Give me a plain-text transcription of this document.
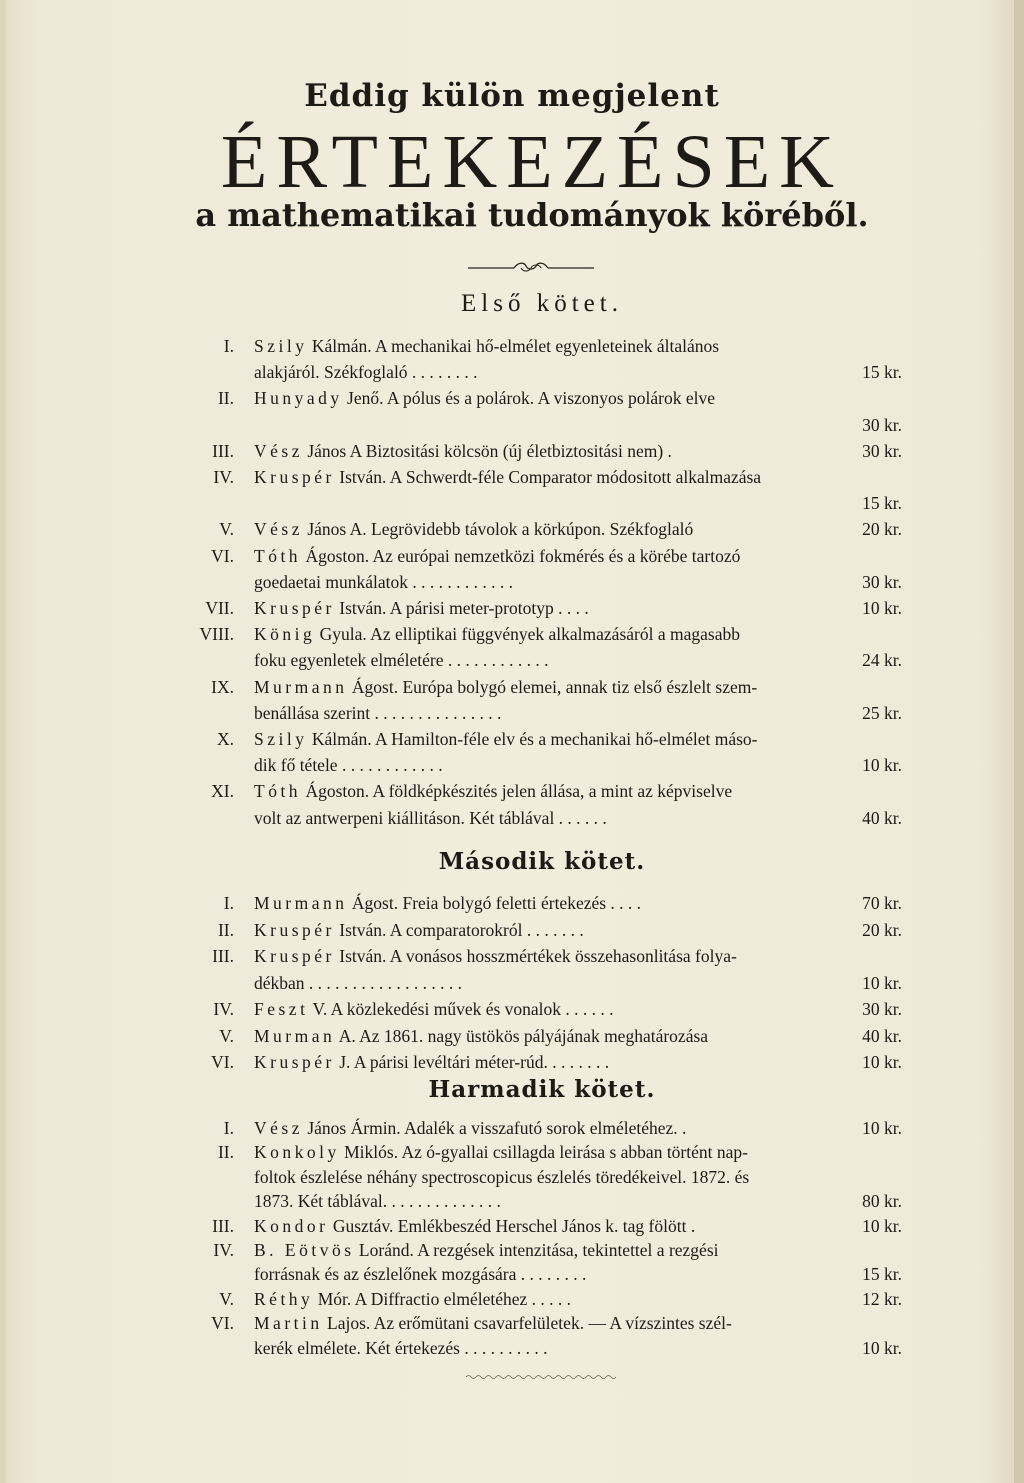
Eddig külön megjelent
ÉRTEKEZÉSEK
a mathematikai tudományok köréből.
Első kötet.
I. Szily Kálmán. A mechanikai hő-elmélet egyenleteinek általános
alakjáról. Székfoglaló . . . . . . . .	15 kr.
II. Hunyady Jenő. A pólus és a polárok. A viszonyos polárok elve
30 kr.
III. Vész János A Biztositási kölcsön (új életbiztositási nem) .	30 kr.
IV. Kruspér István. A Schwerdt-féle Comparator módositott alkalmazása
15 kr.
V. Vész János A. Legrövidebb távolok a körkúpon. Székfoglaló	20 kr.
VI. Tóth Ágoston. Az európai nemzetközi fokmérés és a körébe tartozó
goedaetai munkálatok . . . . . . . . . . . .	30 kr.
VII. Kruspér István. A párisi meter-prototyp . . . .	10 kr.
VIII. König Gyula. Az elliptikai függvények alkalmazásáról a magasabb
foku egyenletek elméletére . . . . . . . . . . . .	24 kr.
IX. Murmann Ágost. Európa bolygó elemei, annak tiz első észlelt szem-
benállása szerint . . . . . . . . . . . . . . .	25 kr.
X. Szily Kálmán. A Hamilton-féle elv és a mechanikai hő-elmélet máso-
dik fő tétele . . . . . . . . . . . .	10 kr.
XI. Tóth Ágoston. A földképkészités jelen állása, a mint az képviselve
volt az antwerpeni kiállitáson. Két táblával . . . . . .	40 kr.
Második kötet.
I. Murmann Ágost. Freia bolygó feletti értekezés . . . .	70 kr.
II. Kruspér István. A comparatorokról . . . . . . .	20 kr.
III. Kruspér István. A vonásos hosszmértékek összehasonlitása folya-
dékban . . . . . . . . . . . . . . . . . .	10 kr.
IV. Feszt V. A közlekedési művek és vonalok . . . . . .	30 kr.
V. Murman A. Az 1861. nagy üstökös pályájának meghatározása	40 kr.
VI. Kruspér J. A párisi levéltári méter-rúd. . . . . . . .	10 kr.
Harmadik kötet.
I. Vész János Ármin. Adalék a visszafutó sorok elméletéhez. .	10 kr.
II. Konkoly Miklós. Az ó-gyallai csillagda leirása s abban történt nap-
foltok észlelése néhány spectroscopicus észlelés töredékeivel. 1872. és
1873. Két táblával. . . . . . . . . . . . . .	80 kr.
III. Kondor Gusztáv. Emlékbeszéd Herschel János k. tag fölött .	10 kr.
IV. B. Eötvös Loránd. A rezgések intenzitása, tekintettel a rezgési
forrásnak és az észlelőnek mozgására . . . . . . . .	15 kr.
V. Réthy Mór. A Diffractio elméletéhez . . . . .	12 kr.
VI. Martin Lajos. Az erőmütani csavarfelületek. — A vízszintes szél-
kerék elmélete. Két értekezés . . . . . . . . . .	10 kr.
